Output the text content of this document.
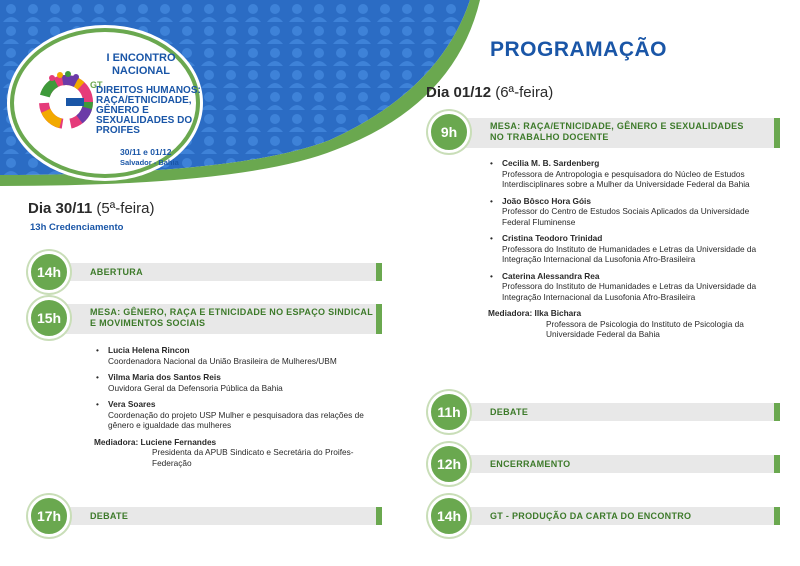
I ENCONTRO
NACIONAL
GT
DIREITOS HUMANOS: RAÇA/ETNICIDADE, GÊNERO E SEXUALIDADES DO PROIFES
30/11 e 01/12
Salvador - Bahia
PROGRAMAÇÃO
Dia 30/11 (5ª-feira)
13h Credenciamento
ABERTURA
14h
MESA: GÊNERO, RAÇA E ETNICIDADE NO ESPAÇO SINDICAL E MOVIMENTOS SOCIAIS
15h
• Lucia Helena Rincon
Coordenadora Nacional da União Brasileira de Mulheres/UBM
• Vilma Maria dos Santos Reis
Ouvidora Geral da Defensoria Pública da Bahia
• Vera Soares
Coordenação do projeto USP Mulher e pesquisadora das relações de gênero e igualdade das mulheres
Mediadora: Luciene Fernandes
Presidenta da APUB Sindicato e Secretária do Proifes-Federação
DEBATE
17h
Dia 01/12 (6ª-feira)
MESA: RAÇA/ETNICIDADE, GÊNERO E SEXUALIDADES NO TRABALHO DOCENTE
9h
• Cecilia M. B. Sardenberg
Professora de Antropologia e pesquisadora do Núcleo de Estudos Interdisciplinares sobre a Mulher da Universidade Federal da Bahia
• João Bôsco Hora Góis
Professor do Centro de Estudos Sociais Aplicados da Universidade Federal Fluminense
• Cristina Teodoro Trinidad
Professora do Instituto de Humanidades e Letras da Universidade da Integração Internacional da Lusofonia Afro-Brasileira
• Caterina Alessandra Rea
Professora do Instituto de Humanidades e Letras da Universidade da Integração Internacional da Lusofonia Afro-Brasileira
Mediadora: Ilka Bichara
Professora de Psicologia do Instituto de Psicologia da Universidade Federal da Bahia
DEBATE
11h
ENCERRAMENTO
12h
GT - PRODUÇÃO DA CARTA DO ENCONTRO
14h
